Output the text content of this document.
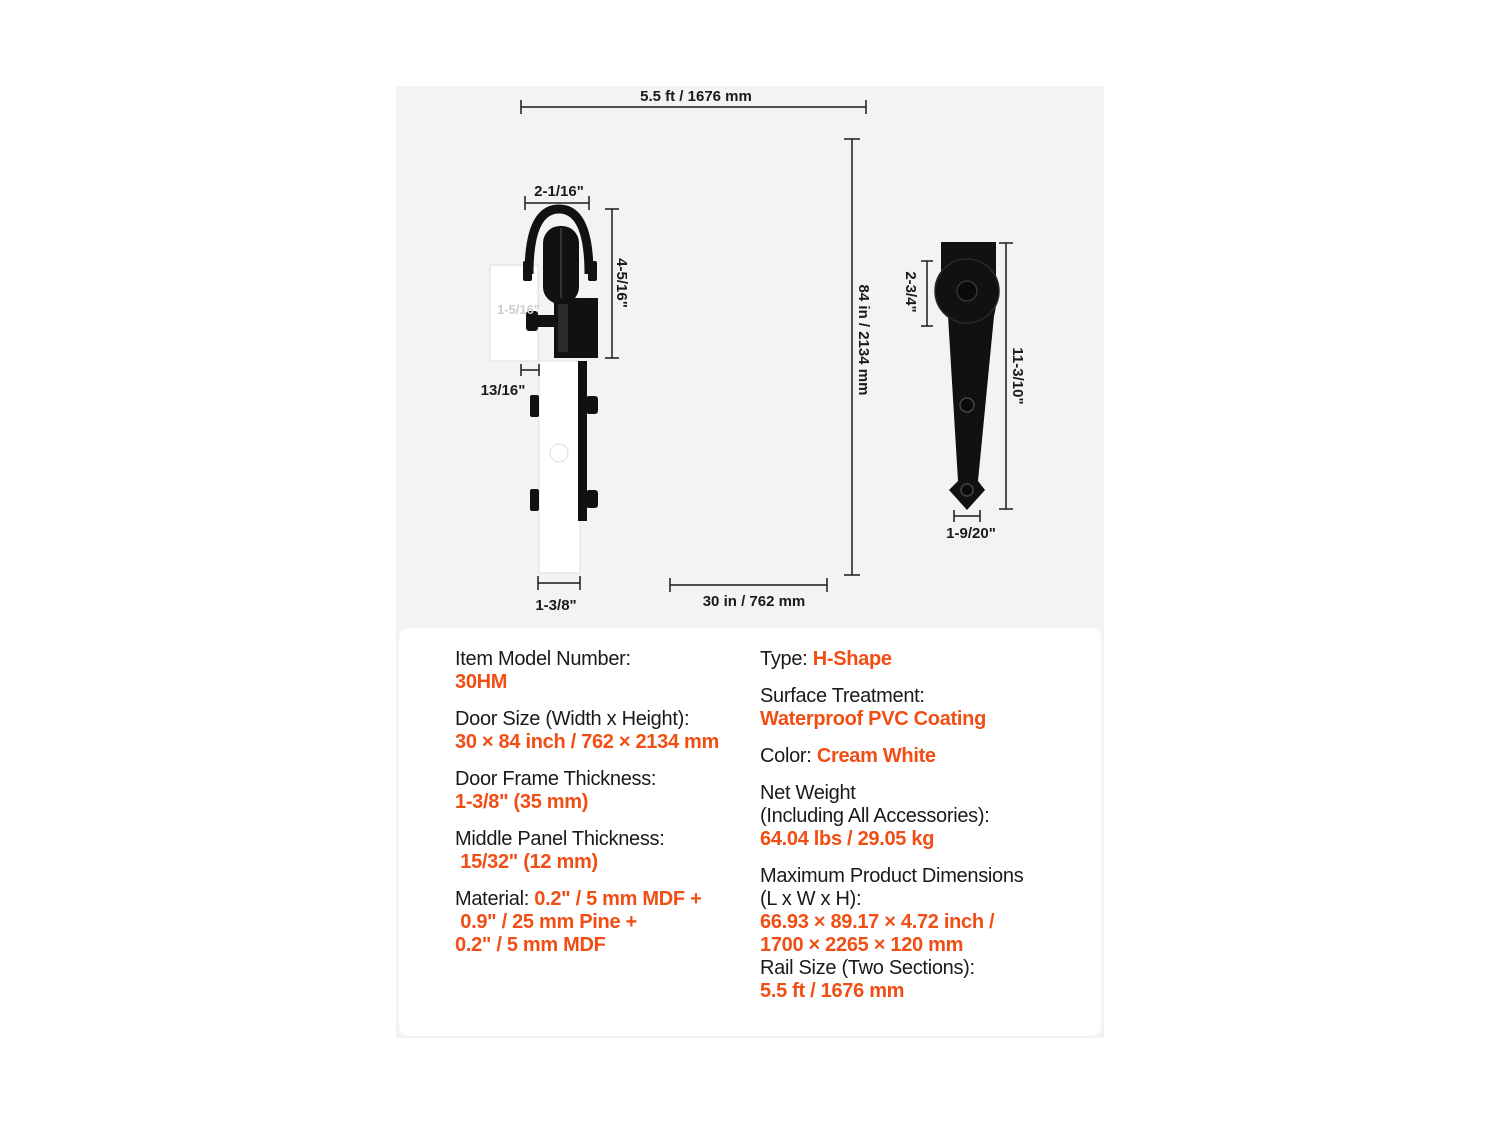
5.5 ft / 1676 mm
2-1/16"
4-5/16"
1-5/16"
13/16"
1-3/8"	30 in / 762 mm
84 in / 2134 mm 2-3/4"
11-3/10"
1-9/20"
Item Model Number:
30HM
Door Size (Width x Height):
30 × 84 inch / 762 × 2134 mm
Door Frame Thickness:
1-3/8" (35 mm)
Middle Panel Thickness:
15/32" (12 mm)
Material: 0.2" / 5 mm MDF +
0.9" / 25 mm Pine +
0.2" / 5 mm MDF
Type: H-Shape
Surface Treatment:
Waterproof PVC Coating
Color: Cream White
Net Weight
(Including All Accessories):
64.04 lbs / 29.05 kg
Maximum Product Dimensions
(L x W x H):
66.93 × 89.17 × 4.72 inch /
1700 × 2265 × 120 mm
Rail Size (Two Sections):
5.5 ft / 1676 mm
